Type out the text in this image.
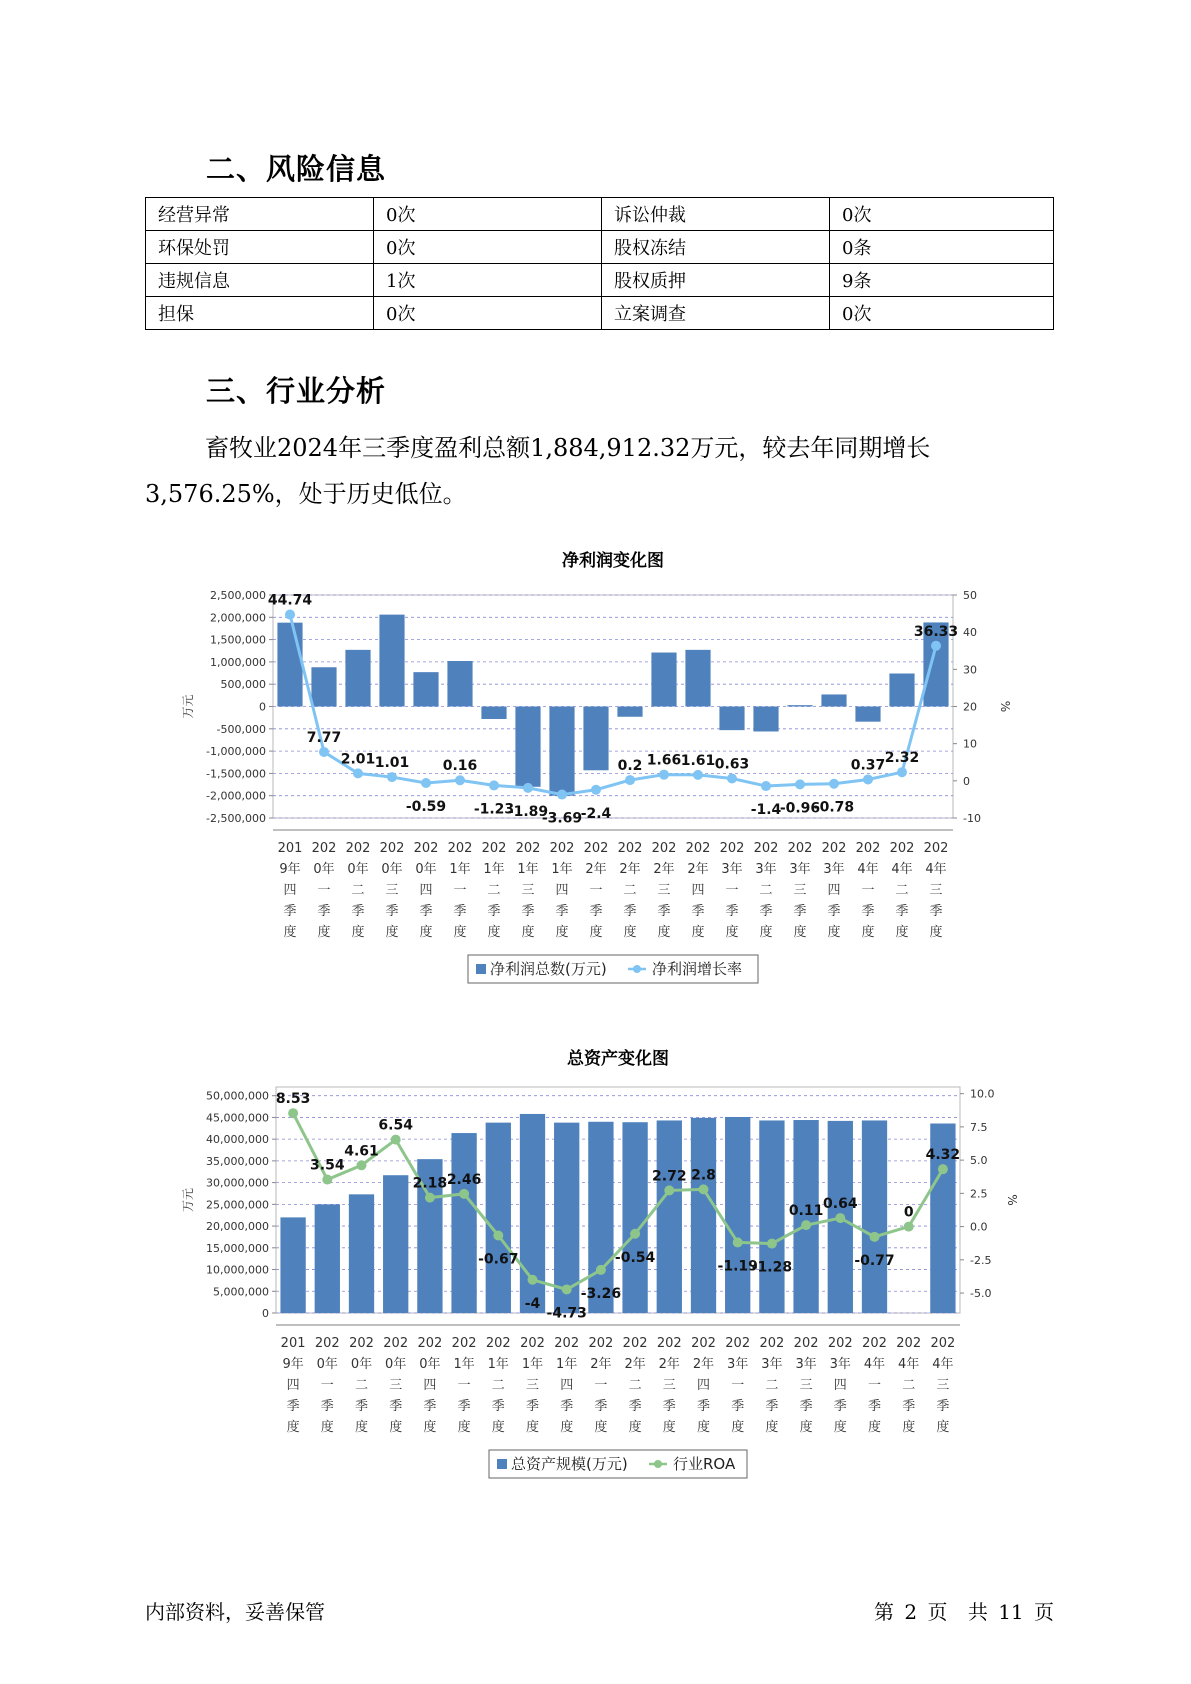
二、风险信息
经营异常	0次	诉讼仲裁	0次
环保处罚	0次	股权冻结	0条
违规信息	1次	股权质押	9条
担保	0次	立案调查	0次
三、行业分析
畜牧业2024年三季度盈利总额1,884,912.32万元，较去年同期增长
3,576.25%，处于历史低位。
净利润变化图
2,500,000
2,000,000
1,500,000
1,000,000
500,000
0
-500,000
-1,000,000
-1,500,000
-2,000,000
-2,500,000
50
40
30
20
10
0
-10
万元	%
44.74
7.77
2.01 1.01
-0.59
0.16
-1.23
-1.89
-3.69
-2.4
0.2 1.66 1.61 0.63
-1.4
-0.96
-0.78
0.37 2.32
36.33
201
9年
四
季
度
202
0年
一
季
度
202
0年
二
季
度
202
0年
三
季
度
202
0年
四
季
度
202
1年
一
季
度
202
1年
二
季
度
202
1年
三
季
度
202
1年
四
季
度
202
2年
一
季
度
202
2年
二
季
度
202
2年
三
季
度
202
2年
四
季
度
202
3年
一
季
度
202
3年
二
季
度
202
3年
三
季
度
202
3年
四
季
度
202
4年
一
季
度
202
4年
二
季
度
202
4年
三
季
度
净利润总数(万元)	净利润增长率
总资产变化图
50,000,000
45,000,000
40,000,000
35,000,000
30,000,000
25,000,000
20,000,000
15,000,000
10,000,000
5,000,000
0
10.0
7.5
5.0
2.5
0.0
-2.5
-5.0
万元	%
8.53
3.54
4.61
6.54
2.18 2.46
-0.67
-4
-4.73
-3.26
-0.54
2.72 2.8
-1.19
-1.28
0.11 0.64
-0.77
0
4.32
201
9年
四
季
度
202
0年
一
季
度
202
0年
二
季
度
202
0年
三
季
度
202
0年
四
季
度
202
1年
一
季
度
202
1年
二
季
度
202
1年
三
季
度
202
1年
四
季
度
202
2年
一
季
度
202
2年
二
季
度
202
2年
三
季
度
202
2年
四
季
度
202
3年
一
季
度
202
3年
二
季
度
202
3年
三
季
度
202
3年
四
季
度
202
4年
一
季
度
202
4年
二
季
度
202
4年
三
季
度
总资产规模(万元)	行业ROA
内部资料，妥善保管	第 2 页 共 11 页
